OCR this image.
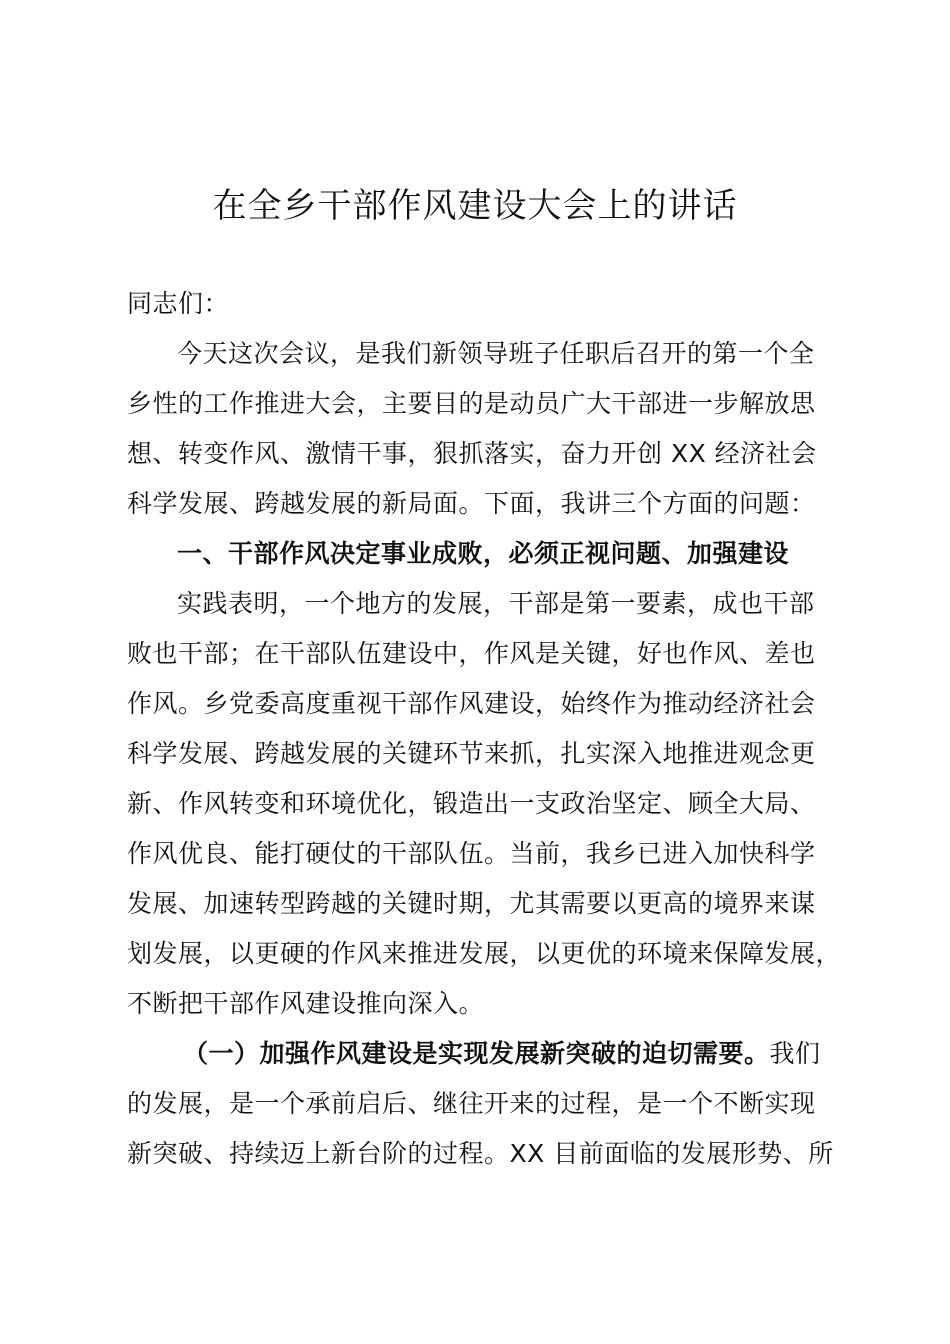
在全乡干部作风建设大会上的讲话
同志们：
今天这次会议，是我们新领导班子任职后召开的第一个全
乡性的工作推进大会，主要目的是动员广大干部进一步解放思
想、转变作风、激情干事，狠抓落实，奋力开创 XX 经济社会
科学发展、跨越发展的新局面。下面，我讲三个方面的问题：
一、干部作风决定事业成败，必须正视问题、加强建设
实践表明，一个地方的发展，干部是第一要素，成也干部
败也干部；在干部队伍建设中，作风是关键，好也作风、差也
作风。乡党委高度重视干部作风建设，始终作为推动经济社会
科学发展、跨越发展的关键环节来抓，扎实深入地推进观念更
新、作风转变和环境优化，锻造出一支政治坚定、顾全大局、
作风优良、能打硬仗的干部队伍。当前，我乡已进入加快科学
发展、加速转型跨越的关键时期，尤其需要以更高的境界来谋
划发展，以更硬的作风来推进发展，以更优的环境来保障发展，
不断把干部作风建设推向深入。
（一）加强作风建设是实现发展新突破的迫切需要。我们
的发展，是一个承前启后、继往开来的过程，是一个不断实现
新突破、持续迈上新台阶的过程。XX 目前面临的发展形势、所
